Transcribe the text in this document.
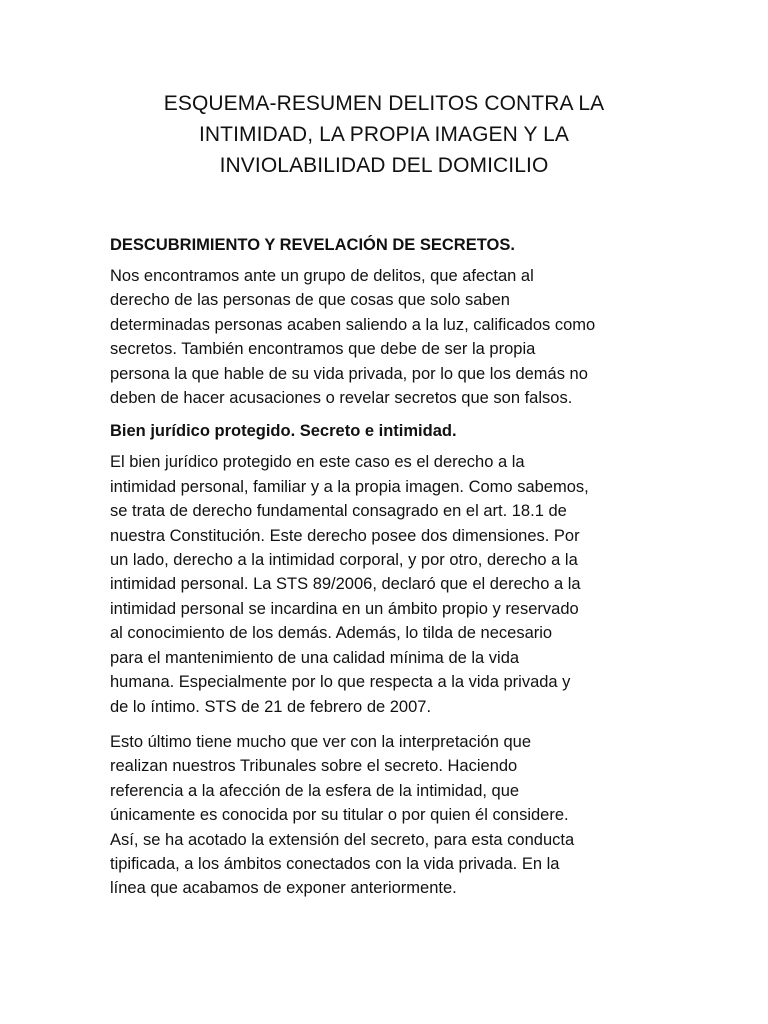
ESQUEMA-RESUMEN DELITOS CONTRA LA
INTIMIDAD, LA PROPIA IMAGEN Y LA
INVIOLABILIDAD DEL DOMICILIO

DESCUBRIMIENTO Y REVELACIÓN DE SECRETOS.

Nos encontramos ante un grupo de delitos, que afectan al
derecho de las personas de que cosas que solo saben
determinadas personas acaben saliendo a la luz, calificados como
secretos. También encontramos que debe de ser la propia
persona la que hable de su vida privada, por lo que los demás no
deben de hacer acusaciones o revelar secretos que son falsos.

Bien jurídico protegido. Secreto e intimidad.

El bien jurídico protegido en este caso es el derecho a la
intimidad personal, familiar y a la propia imagen. Como sabemos,
se trata de derecho fundamental consagrado en el art. 18.1 de
nuestra Constitución. Este derecho posee dos dimensiones. Por
un lado, derecho a la intimidad corporal, y por otro, derecho a la
intimidad personal. La STS 89/2006, declaró que el derecho a la
intimidad personal se incardina en un ámbito propio y reservado
al conocimiento de los demás. Además, lo tilda de necesario
para el mantenimiento de una calidad mínima de la vida
humana. Especialmente por lo que respecta a la vida privada y
de lo íntimo. STS de 21 de febrero de 2007.

Esto último tiene mucho que ver con la interpretación que
realizan nuestros Tribunales sobre el secreto. Haciendo
referencia a la afección de la esfera de la intimidad, que
únicamente es conocida por su titular o por quien él considere.
Así, se ha acotado la extensión del secreto, para esta conducta
tipificada, a los ámbitos conectados con la vida privada. En la
línea que acabamos de exponer anteriormente.
